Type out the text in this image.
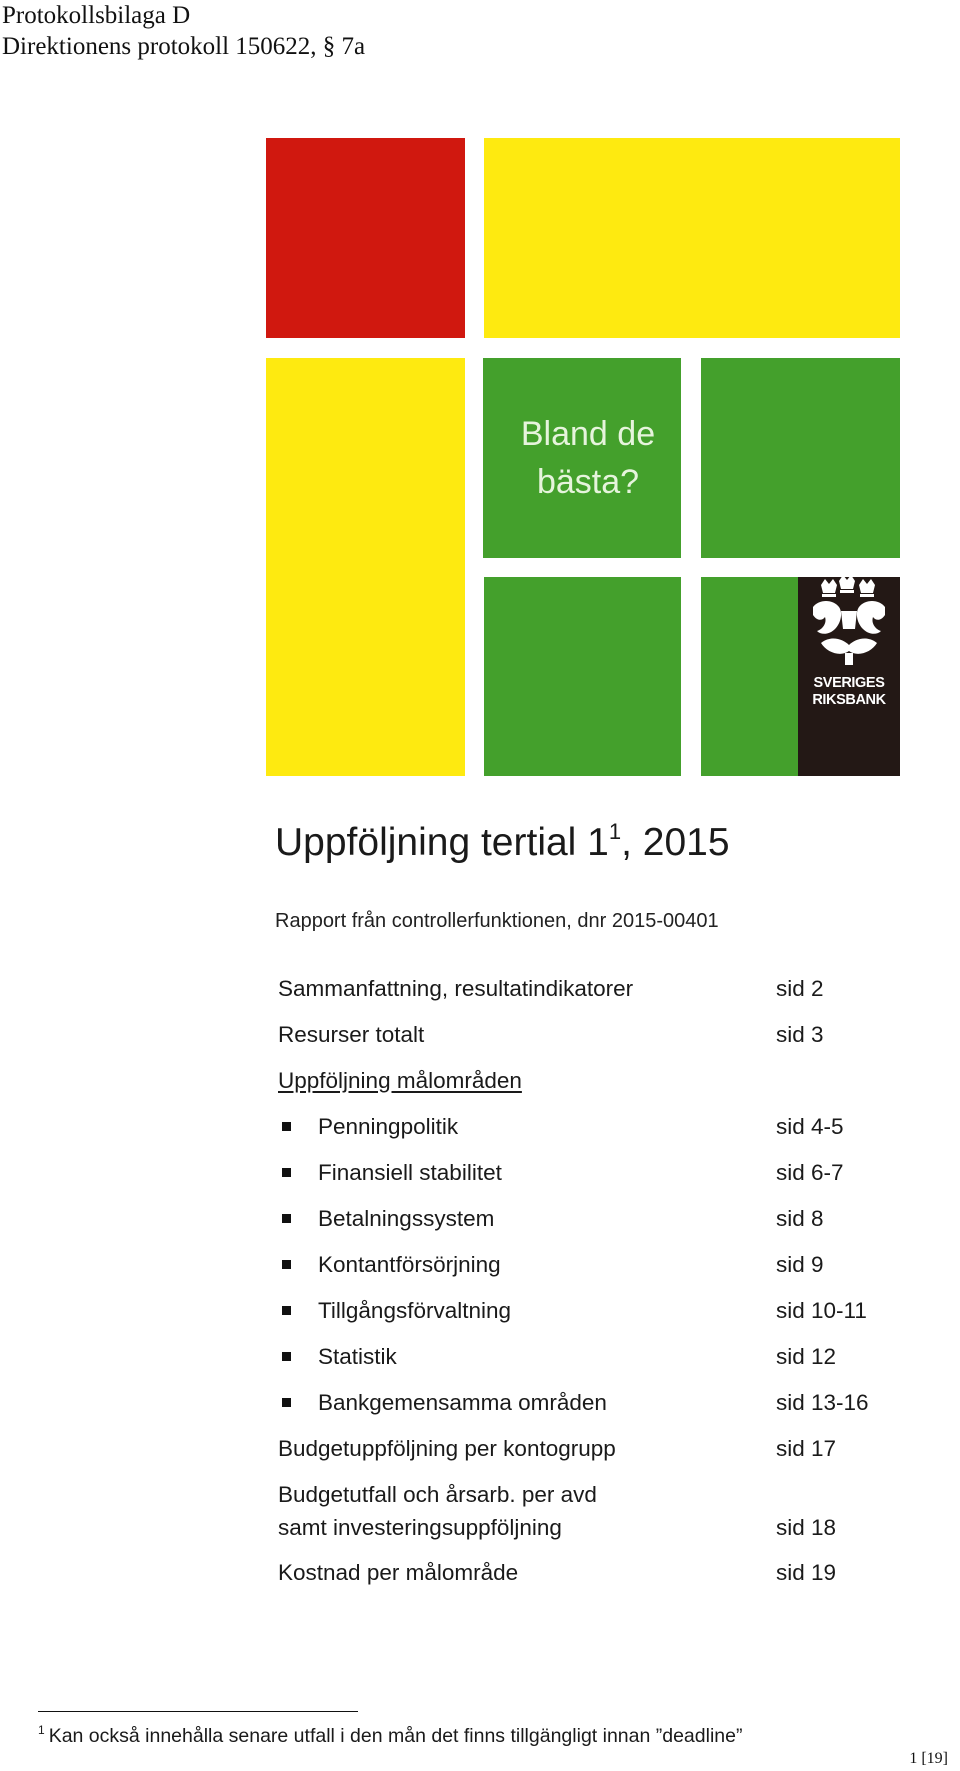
Protokollsbilaga D
Direktionens protokoll 150622, § 7a
Bland de
bästa?
SVERIGES
RIKSBANK
Uppföljning tertial $1^1$, 2015
Rapport från controllerfunktionen, dnr 2015-00401
Sammanfattning, resultatindikatorer	sid 2
Resurser totalt	sid 3
Uppföljning målområden
Penningpolitik	sid 4-5
Finansiell stabilitet	sid 6-7
Betalningssystem	sid 8
Kontantförsörjning	sid 9
Tillgångsförvaltning	sid 10-11
Statistik	sid 12
Bankgemensamma områden	sid 13-16
Budgetuppföljning per kontogrupp	sid 17
Budgetutfall och årsarb. per avd
samt investeringsuppföljning	sid 18
Kostnad per målområde	sid 19
$^1$ Kan också innehålla senare utfall i den mån det finns tillgängligt innan ”deadline”
1 [19]
